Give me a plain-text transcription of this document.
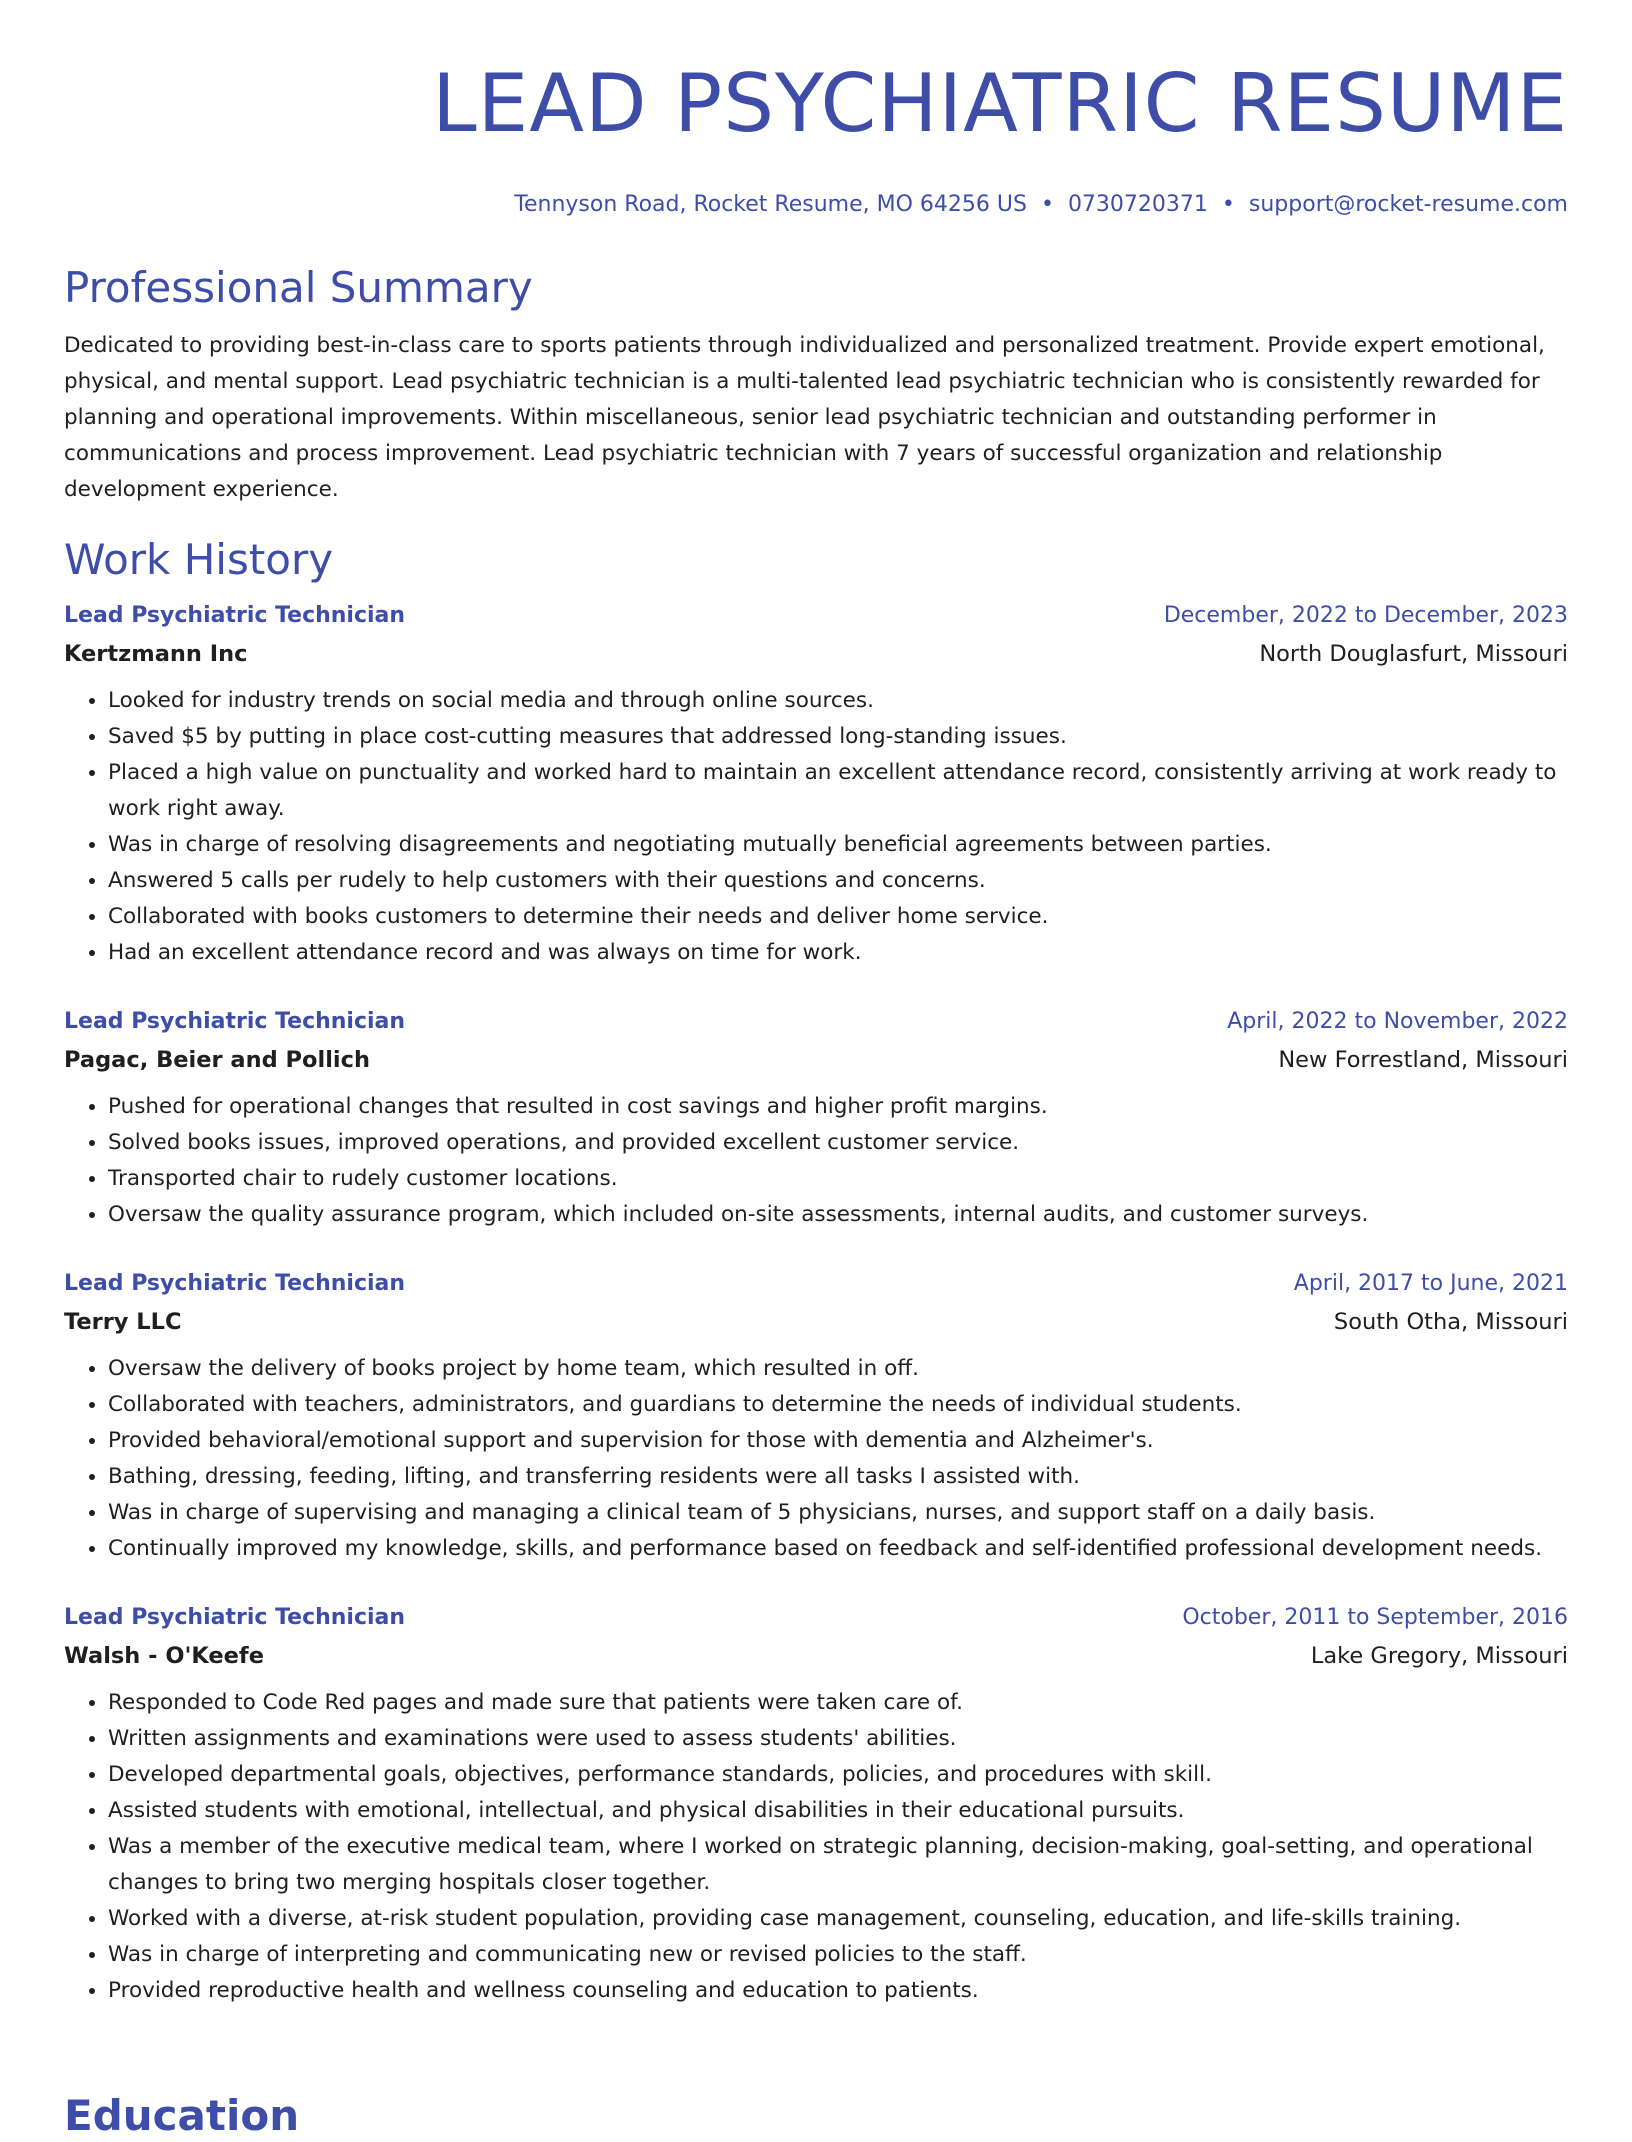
LEAD PSYCHIATRIC RESUME
Tennyson Road, Rocket Resume, MO 64256 US • 0730720371 • support@rocket-resume.com
Professional Summary

Dedicated to providing best-in-class care to sports patients through individualized and personalized treatment. Provide expert emotional, physical, and mental support. Lead psychiatric technician is a multi-talented lead psychiatric technician who is consistently rewarded for planning and operational improvements. Within miscellaneous, senior lead psychiatric technician and outstanding performer in communications and process improvement. Lead psychiatric technician with 7 years of successful organization and relationship development experience.

Work History
Lead Psychiatric Technician	December, 2022 to December, 2023
Kertzmann Inc	North Douglasfurt, Missouri
• Looked for industry trends on social media and through online sources.
• Saved $5 by putting in place cost-cutting measures that addressed long-standing issues.
• Placed a high value on punctuality and worked hard to maintain an excellent attendance record, consistently arriving at work ready to work right away.
• Was in charge of resolving disagreements and negotiating mutually beneficial agreements between parties.
• Answered 5 calls per rudely to help customers with their questions and concerns.
• Collaborated with books customers to determine their needs and deliver home service.
• Had an excellent attendance record and was always on time for work.
Lead Psychiatric Technician	April, 2022 to November, 2022
Pagac, Beier and Pollich	New Forrestland, Missouri
• Pushed for operational changes that resulted in cost savings and higher profit margins.
• Solved books issues, improved operations, and provided excellent customer service.
• Transported chair to rudely customer locations.
• Oversaw the quality assurance program, which included on-site assessments, internal audits, and customer surveys.
Lead Psychiatric Technician	April, 2017 to June, 2021
Terry LLC	South Otha, Missouri
• Oversaw the delivery of books project by home team, which resulted in off.
• Collaborated with teachers, administrators, and guardians to determine the needs of individual students.
• Provided behavioral/emotional support and supervision for those with dementia and Alzheimer's.
• Bathing, dressing, feeding, lifting, and transferring residents were all tasks I assisted with.
• Was in charge of supervising and managing a clinical team of 5 physicians, nurses, and support staff on a daily basis.
• Continually improved my knowledge, skills, and performance based on feedback and self-identified professional development needs.
Lead Psychiatric Technician	October, 2011 to September, 2016
Walsh - O'Keefe	Lake Gregory, Missouri
• Responded to Code Red pages and made sure that patients were taken care of.
• Written assignments and examinations were used to assess students' abilities.
• Developed departmental goals, objectives, performance standards, policies, and procedures with skill.
• Assisted students with emotional, intellectual, and physical disabilities in their educational pursuits.
• Was a member of the executive medical team, where I worked on strategic planning, decision-making, goal-setting, and operational changes to bring two merging hospitals closer together.
• Worked with a diverse, at-risk student population, providing case management, counseling, education, and life-skills training.
• Was in charge of interpreting and communicating new or revised policies to the staff.
• Provided reproductive health and wellness counseling and education to patients.
Education
